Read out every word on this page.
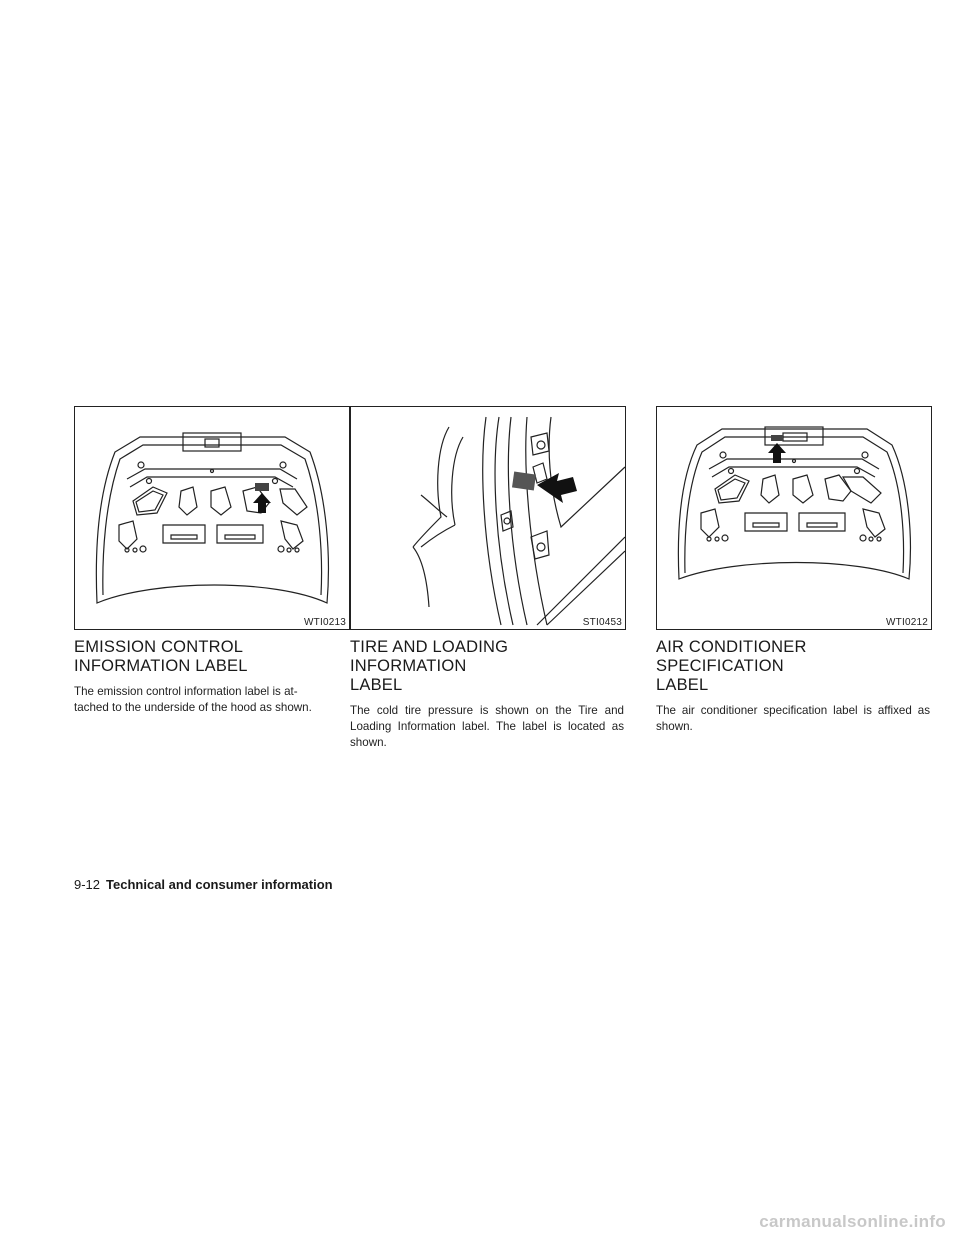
WTI0213
EMISSION CONTROL
INFORMATION LABEL

The emission control information label is at-
tached to the underside of the hood as shown.

STI0453
TIRE AND LOADING INFORMATION
LABEL

The cold tire pressure is shown on the Tire and Loading Information label. The label is located as shown.

WTI0212
AIR CONDITIONER SPECIFICATION
LABEL

The air conditioner specification label is affixed as shown.

9-12 Technical and consumer information
carmanualsonline.info
